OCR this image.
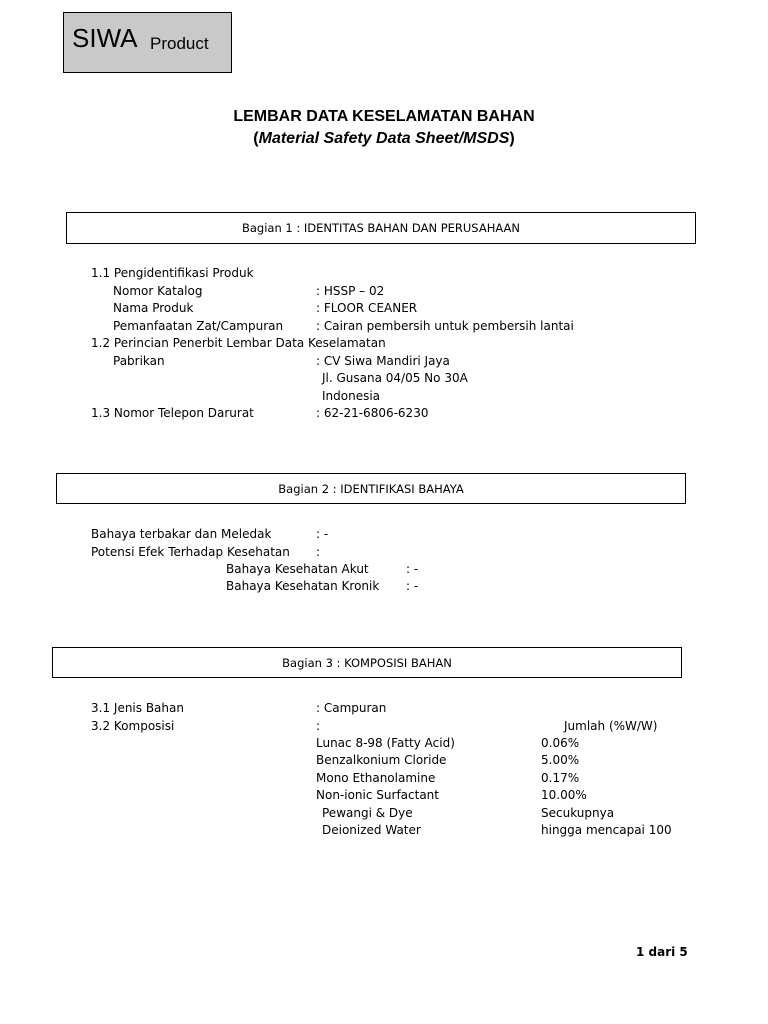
SIWA Product
LEMBAR DATA KESELAMATAN BAHAN
(Material Safety Data Sheet/MSDS)
Bagian 1 : IDENTITAS BAHAN DAN PERUSAHAAN
1.1 Pengidentifikasi Produk
Nomor Katalog	: HSSP – 02
Nama Produk	: FLOOR CEANER
Pemanfaatan Zat/Campuran	: Cairan pembersih untuk pembersih lantai
1.2 Perincian Penerbit Lembar Data Keselamatan
Pabrikan	: CV Siwa Mandiri Jaya
Jl. Gusana 04/05 No 30A
Indonesia
1.3 Nomor Telepon Darurat	: 62-21-6806-6230
Bagian 2 : IDENTIFIKASI BAHAYA
Bahaya terbakar dan Meledak	: -
Potensi Efek Terhadap Kesehatan :
Bahaya Kesehatan Akut	: -
Bahaya Kesehatan Kronik : -
Bagian 3 : KOMPOSISI BAHAN
3.1 Jenis Bahan	: Campuran
3.2 Komposisi	:	Jumlah (%W/W)
Lunac 8-98 (Fatty Acid)	0.06%
Benzalkonium Cloride	5.00%
Mono Ethanolamine	0.17%
Non-ionic Surfactant	10.00%
Pewangi & Dye	Secukupnya
Deionized Water	hingga mencapai 100
1 dari 5
